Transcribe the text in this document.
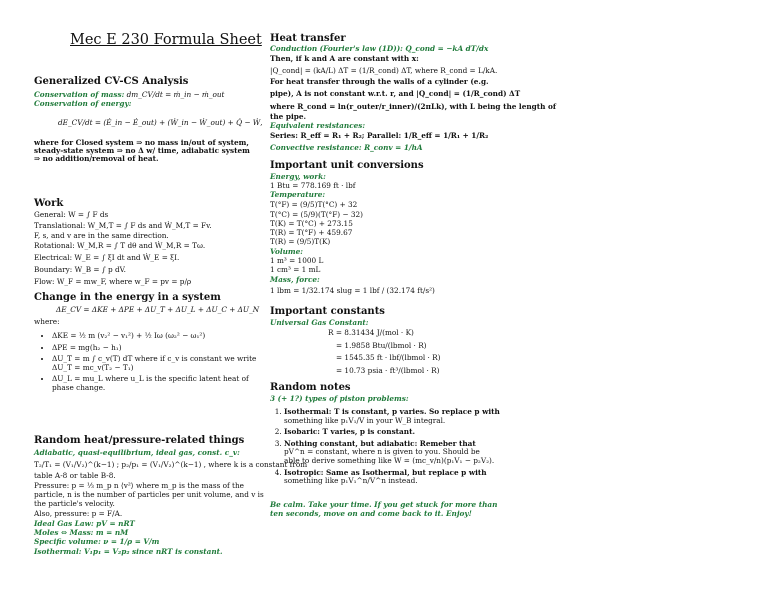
Mec E 230 Formula Sheet
Generalized CV-CS Analysis
Conservation of mass: dm_CV/dt = ṁ_in − ṁ_out
Conservation of energy:
dE_CV/dt = (Ė_in − Ė_out) + (Ẇ_in − Ẇ_out) + Q̇ − Ẇ,
where for Closed system ⇒ no mass in/out of system,
steady-state system ⇒ no Δ w/ time, adiabatic system
⇒ no addition/removal of heat.
Work
General: W = ∫ F ds
Translational: W_M,T = ∫ F ds and Ẇ_M,T = Fv.
F, s, and v are in the same direction.
Rotational: W_M,R = ∫ T dθ and Ẇ_M,R = Tω.
Electrical: W_E = ∫ ξI dt and Ẇ_E = ξI.
Boundary: W_B = ∫ p dV.
Flow: W_F = mw_F, where w_F = pv = p/ρ
Change in the energy in a system
ΔE_CV = ΔKE + ΔPE + ΔU_T + ΔU_L + ΔU_C + ΔU_N
where:
• ΔKE = ½ m (v₂² − v₁²) + ½ Iω (ω₂² − ω₁²)
• ΔPE = mg(h₂ − h₁)
• ΔU_T = m ∫ c_v(T) dT where if c_v is constant we write
ΔU_T = mc_v(T₂ − T₁)
• ΔU_L = mu_L where u_L is the specific latent heat of
phase change.
Random heat/pressure-related things
Adiabatic, quasi-equilibrium, ideal gas, const. c_v:
T₂/T₁ = (V₁/V₂)^(k−1) ; p₂/p₁ = (V₁/V₂)^(k−1) , where k is a constant from
table A-8 or table B-8.
Pressure: p = ⅓ m_p n ⟨v²⟩ where m_p is the mass of the
particle, n is the number of particles per unit volume, and v is
the particle's velocity.
Also, pressure: p = F/A.
Ideal Gas Law: pV = nRT
Moles ⇔ Mass: m = nM
Specific volume: ν = 1/ρ = V/m
Isothermal: V₁p₁ = V₂p₂ since nRT is constant.
Heat transfer
Conduction (Fourier's law (1D)): Q_cond = −kA dT/dx
Then, if k and A are constant with x:
|Q_cond| = (kA/L) ΔT = (1/R_cond) ΔT, where R_cond = L/kA.
For heat transfer through the walls of a cylinder (e.g.
pipe), A is not constant w.r.t. r, and |Q_cond| = (1/R_cond) ΔT
where R_cond = ln(r_outer/r_inner)/(2πLk), with L being the length of
the pipe.
Equivalent resistances:
Series: R_eff = R₁ + R₂; Parallel: 1/R_eff = 1/R₁ + 1/R₂
Convective resistance: R_conv = 1/hA
Important unit conversions
Energy, work:
1 Btu = 778.169 ft · lbf
Temperature:
T(°F) = (9/5)T(°C) + 32
T(°C) = (5/9)(T(°F) − 32)
T(K) = T(°C) + 273.15
T(R) = T(°F) + 459.67
T(R) = (9/5)T(K)
Volume:
1 m³ = 1000 L
1 cm³ = 1 mL
Mass, force:
1 lbm = 1/32.174 slug = 1 lbf / (32.174 ft/s²)
Important constants
Universal Gas Constant:
R = 8.31434 J/(mol · K)
= 1.9858 Btu/(lbmol · R)
= 1545.35 ft · lbf/(lbmol · R)
= 10.73 psia · ft³/(lbmol · R)
Random notes
3 (+ 1?) types of piston problems:
1. Isothermal: T is constant, p varies. So replace p with
something like p₁V₁/V in your W_B integral.
2. Isobaric: T varies, p is constant.
3. Nothing constant, but adiabatic: Remeber that
pV^n = constant, where n is given to you. Should be
able to derive something like W = (mc_v/n)(p₁V₁ − p₂V₂).
4. Isotropic: Same as Isothermal, but replace p with
something like p₁V₁^n/V^n instead.
Be calm. Take your time. If you get stuck for more than
ten seconds, move on and come back to it. Enjoy!
